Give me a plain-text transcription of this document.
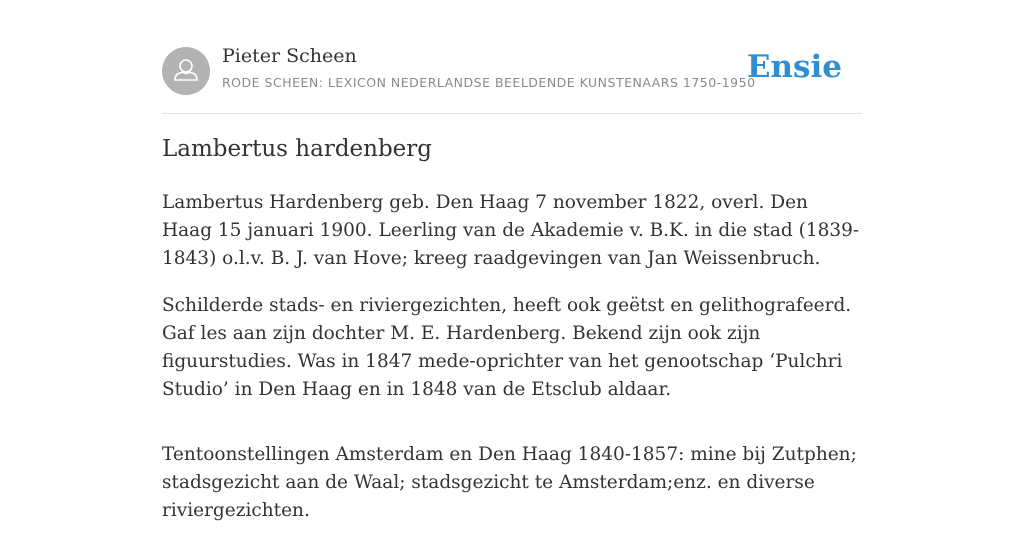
Pieter Scheen
RODE SCHEEN: LEXICON NEDERLANDSE BEELDENDE KUNSTENAARS 1750-1950
Ensie
Lambertus hardenberg

Lambertus Hardenberg geb. Den Haag 7 november 1822, overl. Den Haag 15 januari 1900. Leerling van de Akademie v. B.K. in die stad (1839-1843) o.l.v. B. J. van Hove; kreeg raadgevingen van Jan Weissenbruch.

Schilderde stads- en riviergezichten, heeft ook geëtst en gelithografeerd. Gaf les aan zijn dochter M. E. Hardenberg. Bekend zijn ook zijn figuurstudies. Was in 1847 mede-oprichter van het genootschap ‘Pulchri Studio’ in Den Haag en in 1848 van de Etsclub aldaar.

Tentoonstellingen Amsterdam en Den Haag 1840-1857: mine bij Zutphen; stadsgezicht aan de Waal; stadsgezicht te Amsterdam;enz. en diverse riviergezichten.
